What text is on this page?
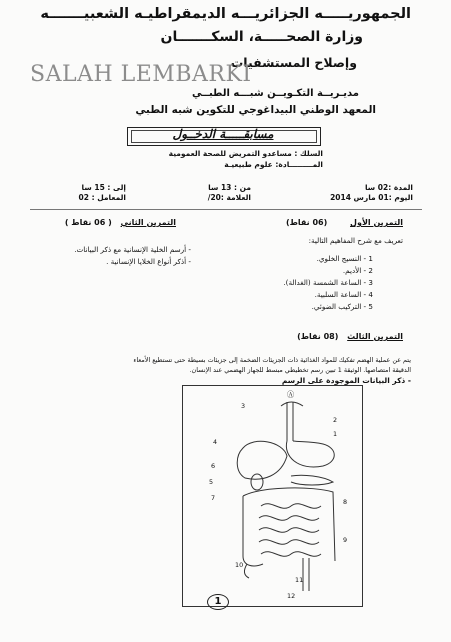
الجمهوريـــــه الجزائريـــه الديمقراطيـه الشعبيـــــــه
وزارة الصحـــــة، السكـــــــان
وإصلاح المستشفيات
SALAH LEMBARKI
مديـريــة التكـويــن شبـــه الطبــي
المعهد الوطني البيداغوجي للتكوين شبه الطبي
مسابقـــــة الدخــول
السلك : مساعدو التمريض للصحة العمومية
المـــــــــادة: علوم طبيعيـة
المدة :02 سا
اليوم :01 مارس 2014
من : 13 سا
العلامة :20/
إلى : 15 سا
المعامل : 02
التمرين الأول (06 نقاط)
تعريف مع شرح المفاهيم التالية:
1 - النسيج الخلوي.
2 - الأديم.
3 - الساعة الشمسة (الغدالة).
4 - الساعة السلبية.
5 - التركيب الضوئي.
التمرين الثاني ( 06 نقاط )
- أرسم الخلية الإنسانية مع ذكر البيانات.
- أذكر أنواع الخلايا الإنسانية .
التمرين الثالث (08 نقاط)
يتم عن عملية الهضم تفكيك للمواد الغذائية ذات الجزيئات الضخمة إلى جزيئات بسيطة حتى تستطيع الأمعاء
الدقيقة امتصاصها. الوثيقة 1 تبين رسم تخطيطي مبسط للجهاز الهضمي عند الإنسان.
- ذكر البيانات الموجودة على الرسم
3
2
1
4
6
5
7	8
9
10
11
12
Ⓐ
1
